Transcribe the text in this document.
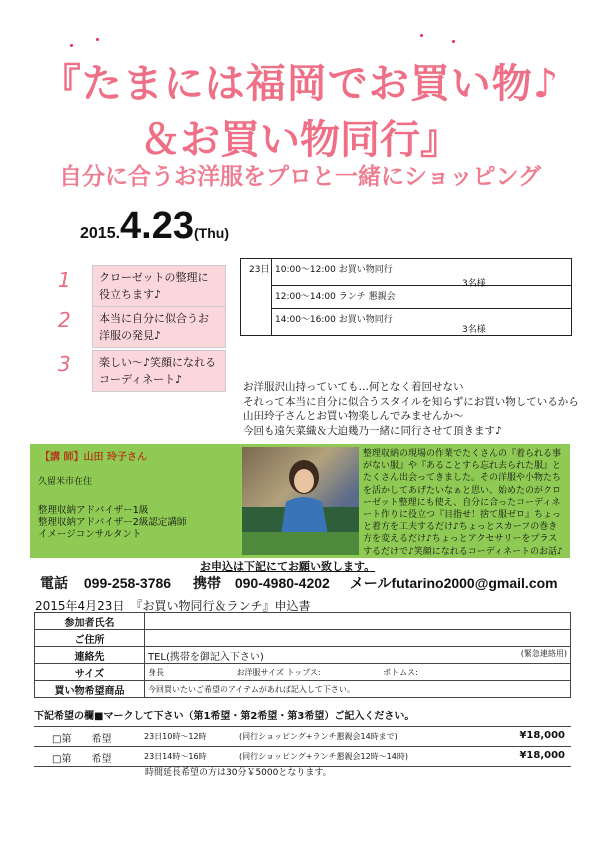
『たまには福岡でお買い物♪
＆お買い物同行』
自分に合うお洋服をプロと一緒にショッピング
2015.4.23(Thu)
1	クローゼットの整理に役立ちます♪
2	本当に自分に似合うお洋服の発見♪
3	楽しい～♪笑顔になれるコーディネート♪
23日 10:00～12:00 お買い物同行
3名様
12:00～14:00 ランチ 懇親会
14:00～16:00 お買い物同行
3名様
お洋服沢山持っていても…何となく着回せない
それって本当に自分に似合うスタイルを知らずにお買い物しているから
山田玲子さんとお買い物楽しんでみませんか～
今回も遠矢菜織＆大迫幾乃一緒に同行させて頂きます♪
【講 師】山田 玲子さん
久留米市在住
整理収納アドバイザー1級
整理収納アドバイザー2級認定講師
イメージコンサルタント
整理収納の現場の作業でたくさんの『着られる事がない服』や『あることすら忘れ去られた服』とたくさん出会ってきました。その洋服や小物たちを活かしてあげたいなぁと思い、始めたのがクローゼット整理にも使え、自分に合ったコーディネート作りに役立つ『目指せ！捨て服ゼロ』ちょっと着方を工夫するだけ♪ちょっとスカーフの巻き方を変えるだけ♪ちょっとアクセサリーをプラスするだけで♪笑顔になれるコーディネートのお話♪
お申込は下記にてお願い致します。
電話 099-258-3786 携帯 090-4980-4202 メールfutarino2000@gmail.com
2015年4月23日　『お買い物同行＆ランチ』申込書
参加者氏名	
ご住所	
連絡先	TEL(携帯を御記入下さい) (緊急連絡用)

サイズ	身長 お洋服サイズ トップス: ボトムス:
買い物希望商品	今回買いたいご希望のアイテムがあれば記入して下さい。
下記希望の欄■マークして下さい（第1希望・第2希望・第3希望）ご記入ください。
□第　　希望	23日10時～12時	(同行ショッピング+ランチ懇親会14時まで)	¥18,000
□第　　希望	23日14時～16時	(同行ショッピング+ランチ懇親会12時～14時)	¥18,000
時間延長希望の方は30分￥5000となります。
